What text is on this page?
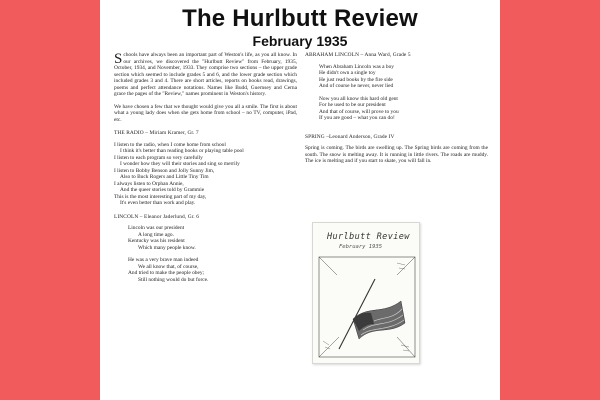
The Hurlbutt Review
February 1935

Schools have always been an important part of Weston's life, as you all know. In our archives, we discovered the "Hurlbutt Review" from February, 1935, October, 1934, and November, 1933. They comprise two sections – the upper grade section which seemed to include grades 5 and 6, and the lower grade section which included grades 3 and 4. There are short articles, reports on books read, drawings, poems and perfect attendance notations. Names like Budd, Guernsey and Cerna grace the pages of the "Review," names prominent in Weston's history.

We have chosen a few that we thought would give you all a smile. The first is about what a young lady does when she gets home from school – no TV, computer, iPad, etc.

THE RADIO – Miriam Kramer, Gr. 7
I listen to the radio, when I come home from school
I think it's better than reading books or playing table pool
I listen to each program so very carefully
I wonder how they will their stories and sing so merrily
I listen to Bobby Benson and Jolly Sunny Jim,
Also to Buck Rogers and Little Tiny Tim
I always listen to Orphan Annie,
And the queer stories told by Grammie
This is the most interesting part of my day,
It's even better than work and play.
LINCOLN – Eleanor Jaderlund, Gr. 6
Lincoln was our president
A long time ago.
Kentucky was his resident
Which many people know.
He was a very brave man indeed
We all know that, of course,
And tried to make the people obey;
Still nothing would do but force.
ABRAHAM LINCOLN – Anna Ward, Grade 5
When Abraham Lincoln was a boy
He didn't own a single toy
He just read books by the fire side
And of course he never, never lied
Now you all know this hard old gent
For he used to be our president
And that of course, will prove to you
If you are good – what you can do!
SPRING –Leonard Anderson, Grade IV

Spring is coming. The birds are swelling up. The Spring birds are coming from the south. The snow is melting away. It is running in little rivers. The roads are muddy. The ice is melting and if you start to skate, you will fall in.

Hurlbutt Review
February 1935
